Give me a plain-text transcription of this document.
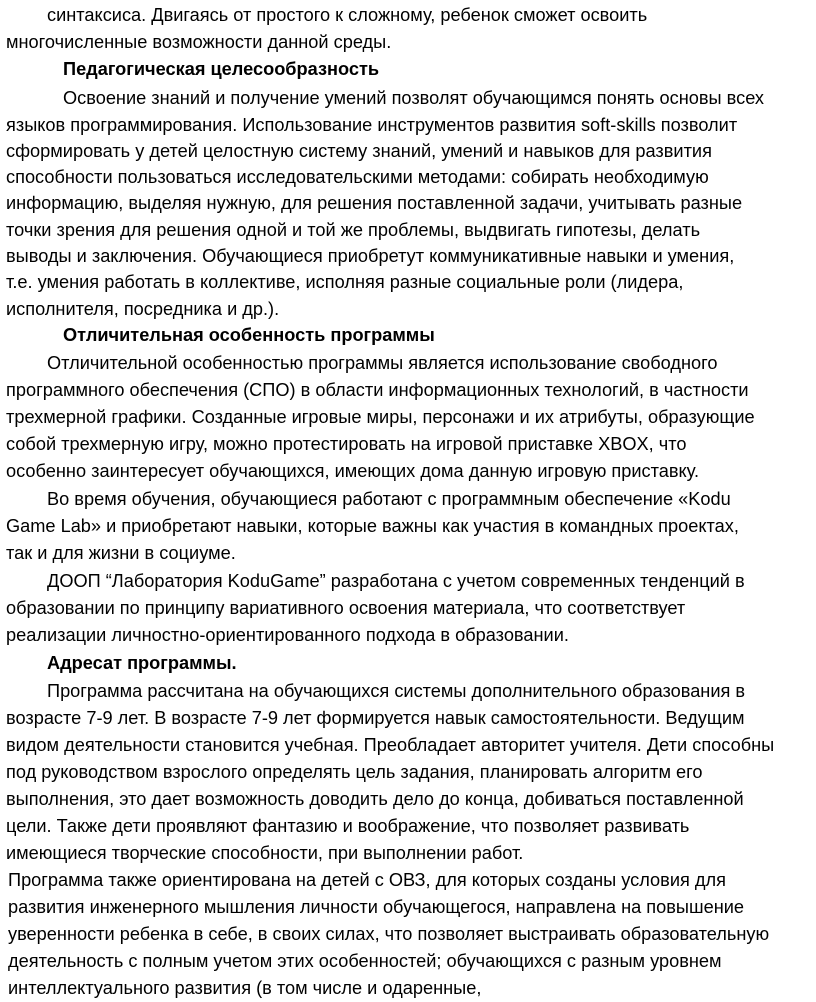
синтаксиса. Двигаясь от простого к сложному, ребенок сможет освоить

многочисленные возможности данной среды.

Педагогическая целесообразность

Освоение знаний и получение умений позволят обучающимся понять основы всех

языков программирования. Использование инструментов развития soft-skills позволит

сформировать у детей целостную систему знаний, умений и навыков для развития

способности пользоваться исследовательскими методами: собирать необходимую

информацию, выделяя нужную, для решения поставленной задачи, учитывать разные

точки зрения для решения одной и той же проблемы, выдвигать гипотезы, делать

выводы и заключения. Обучающиеся приобретут коммуникативные навыки и умения,

т.е. умения работать в коллективе, исполняя разные социальные роли (лидера,

исполнителя, посредника и др.).

Отличительная особенность программы

Отличительной особенностью программы является использование свободного

программного обеспечения (СПО) в области информационных технологий, в частности

трехмерной графики. Созданные игровые миры, персонажи и их атрибуты, образующие

собой трехмерную игру, можно протестировать на игровой приставке XBOX, что

особенно заинтересует обучающихся, имеющих дома данную игровую приставку.

Во время обучения, обучающиеся работают с программным обеспечение «Kodu

Game Lab» и приобретают навыки, которые важны как участия в командных проектах,

так и для жизни в социуме.

ДООП “Лаборатория KoduGame” разработана с учетом современных тенденций в

образовании по принципу вариативного освоения материала, что соответствует

реализации личностно-ориентированного подхода в образовании.

Адресат программы.

Программа рассчитана на обучающихся системы дополнительного образования в

возрасте 7-9 лет. В возрасте 7-9 лет формируется навык самостоятельности. Ведущим

видом деятельности становится учебная. Преобладает авторитет учителя. Дети способны

под руководством взрослого определять цель задания, планировать алгоритм его

выполнения, это дает возможность доводить дело до конца, добиваться поставленной

цели. Также дети проявляют фантазию и воображение, что позволяет развивать

имеющиеся творческие способности, при выполнении работ.

Программа также ориентирована на детей с ОВЗ, для которых созданы условия для

развития инженерного мышления личности обучающегося, направлена на повышение

уверенности ребенка в себе, в своих силах, что позволяет выстраивать образовательную

деятельность с полным учетом этих особенностей; обучающихся с разным уровнем

интеллектуального развития (в том числе и одаренные,
